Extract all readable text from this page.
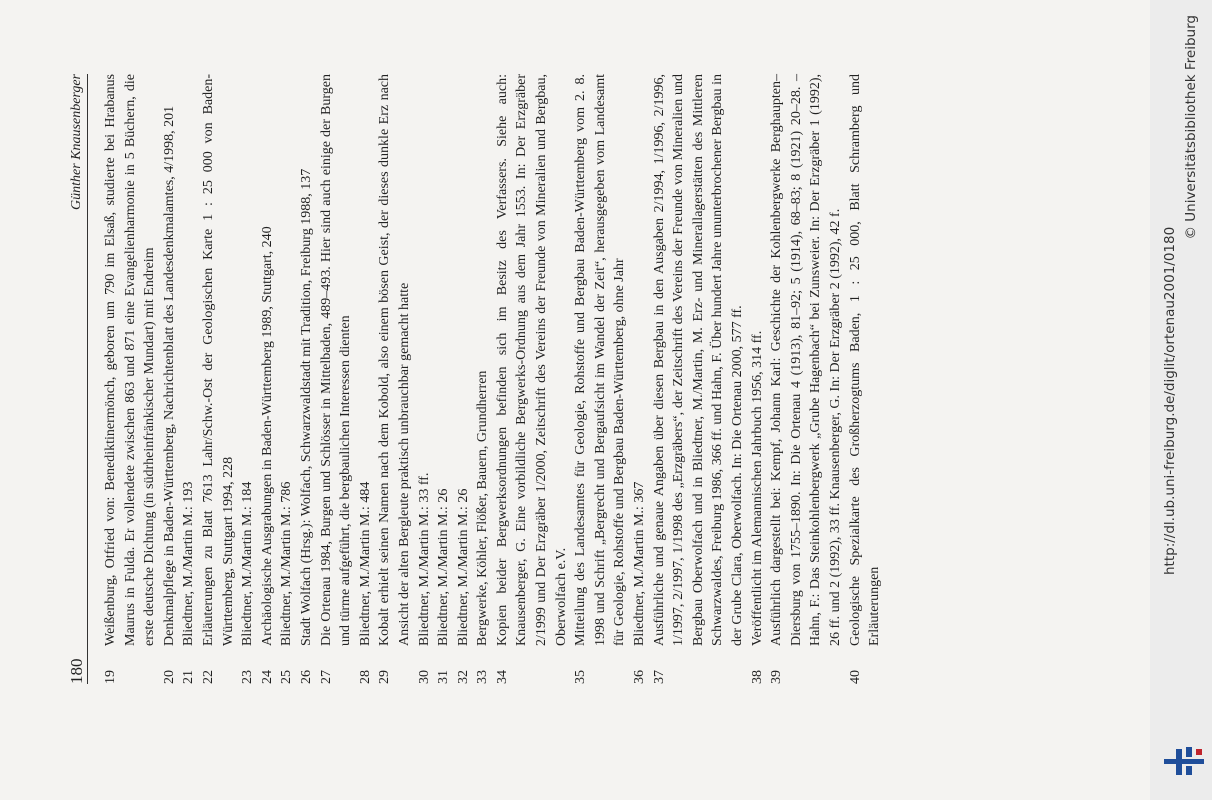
180
Günther Knausenberger
19
Weißenburg, Otfried von: Benediktinermönch, geboren um 790 im Elsaß, studierte bei Hrabanus Maurus in Fulda. Er vollendete zwischen 863 und 871 eine Evangelienharmonie in 5 Büchern, die erste deutsche Dichtung (in südrheinfränkischer Mundart) mit Endreim
20
Denkmalpflege in Baden-Württemberg, Nachrichtenblatt des Landesdenkmalamtes, 4/1998, 201
21
Bliedtner, M./Martin M.: 193
22
Erläuterungen zu Blatt 7613 Lahr/Schw.-Ost der Geologischen Karte 1 : 25 000 von Baden-Württemberg, Stuttgart 1994, 228
23
Bliedtner, M./Martin M.: 184
24
Archäologische Ausgrabungen in Baden-Württemberg 1989, Stuttgart, 240
25
Bliedtner, M./Martin M.: 786
26
Stadt Wolfach (Hrsg.): Wolfach, Schwarzwaldstadt mit Tradition, Freiburg 1988, 137
27
Die Ortenau 1984, Burgen und Schlösser in Mittelbaden, 489–493. Hier sind auch einige der Burgen und türme aufgeführt, die bergbaulichen Interessen dienten
28
Bliedtner, M./Martin M.: 484
29
Kobalt erhielt seinen Namen nach dem Kobold, also einem bösen Geist, der dieses dunkle Erz nach Ansicht der alten Bergleute praktisch unbrauchbar gemacht hatte
30
Bliedtner, M./Martin M.: 33 ff.
31
Bliedtner, M./Martin M.: 26
32
Bliedtner, M./Martin M.: 26
33
Bergwerke, Köhler, Flößer, Bauern, Grundherren
34
Kopien beider Bergwerksordnungen befinden sich im Besitz des Verfassers. Siehe auch: Knausenberger, G. Eine vorbildliche Bergwerks-Ordnung aus dem Jahr 1553. In: Der Erzgräber 2/1999 und Der Erzgräber 1/2000, Zeitschrift des Vereins der Freunde von Mineralien und Bergbau, Oberwolfach e.V.
35
Mitteilung des Landesamtes für Geologie, Rohstoffe und Bergbau Baden-Württemberg vom 2. 8. 1998 und Schrift „Bergrecht und Bergaufsicht im Wandel der Zeit“, herausgegeben vom Landesamt für Geologie, Rohstoffe und Bergbau Baden-Württemberg, ohne Jahr
36
Bliedtner, M./Martin M.: 367
37
Ausführliche und genaue Angaben über diesen Bergbau in den Ausgaben 2/1994, 1/1996, 2/1996, 1/1997, 2/1997, 1/1998 des „Erzgräbers“, der Zeitschrift des Vereins der Freunde von Mineralien und Bergbau Oberwolfach und in Bliedtner, M./Martin, M. Erz- und Minerallagerstätten des Mittleren Schwarzwaldes, Freiburg 1986, 366 ff. und Hahn, F. Über hundert Jahre ununterbrochener Bergbau in der Grube Clara, Oberwolfach. In: Die Ortenau 2000, 577 ff.
38
Veröffentlicht im Alemannischen Jahrbuch 1956, 314 ff.
39
Ausführlich dargestellt bei: Kempf, Johann Karl: Geschichte der Kohlenbergwerke Berghaupten–Diersburg von 1755–1890. In: Die Ortenau 4 (1913), 81–92; 5 (1914), 68–83; 8 (1921) 20–28. – Hahn, F.: Das Steinkohlenbergwerk „Grube Hagenbach“ bei Zunsweier. In: Der Erzgräber 1 (1992), 26 ff. und 2 (1992), 33 ff. Knausenberger, G. In: Der Erzgräber 2 (1992), 42 f.
40
Geologische Spezialkarte des Großherzogtums Baden, 1 : 25 000, Blatt Schramberg und Erläuterungen
http://dl.ub.uni-freiburg.de/diglit/ortenau2001/0180
© Universitätsbibliothek Freiburg
